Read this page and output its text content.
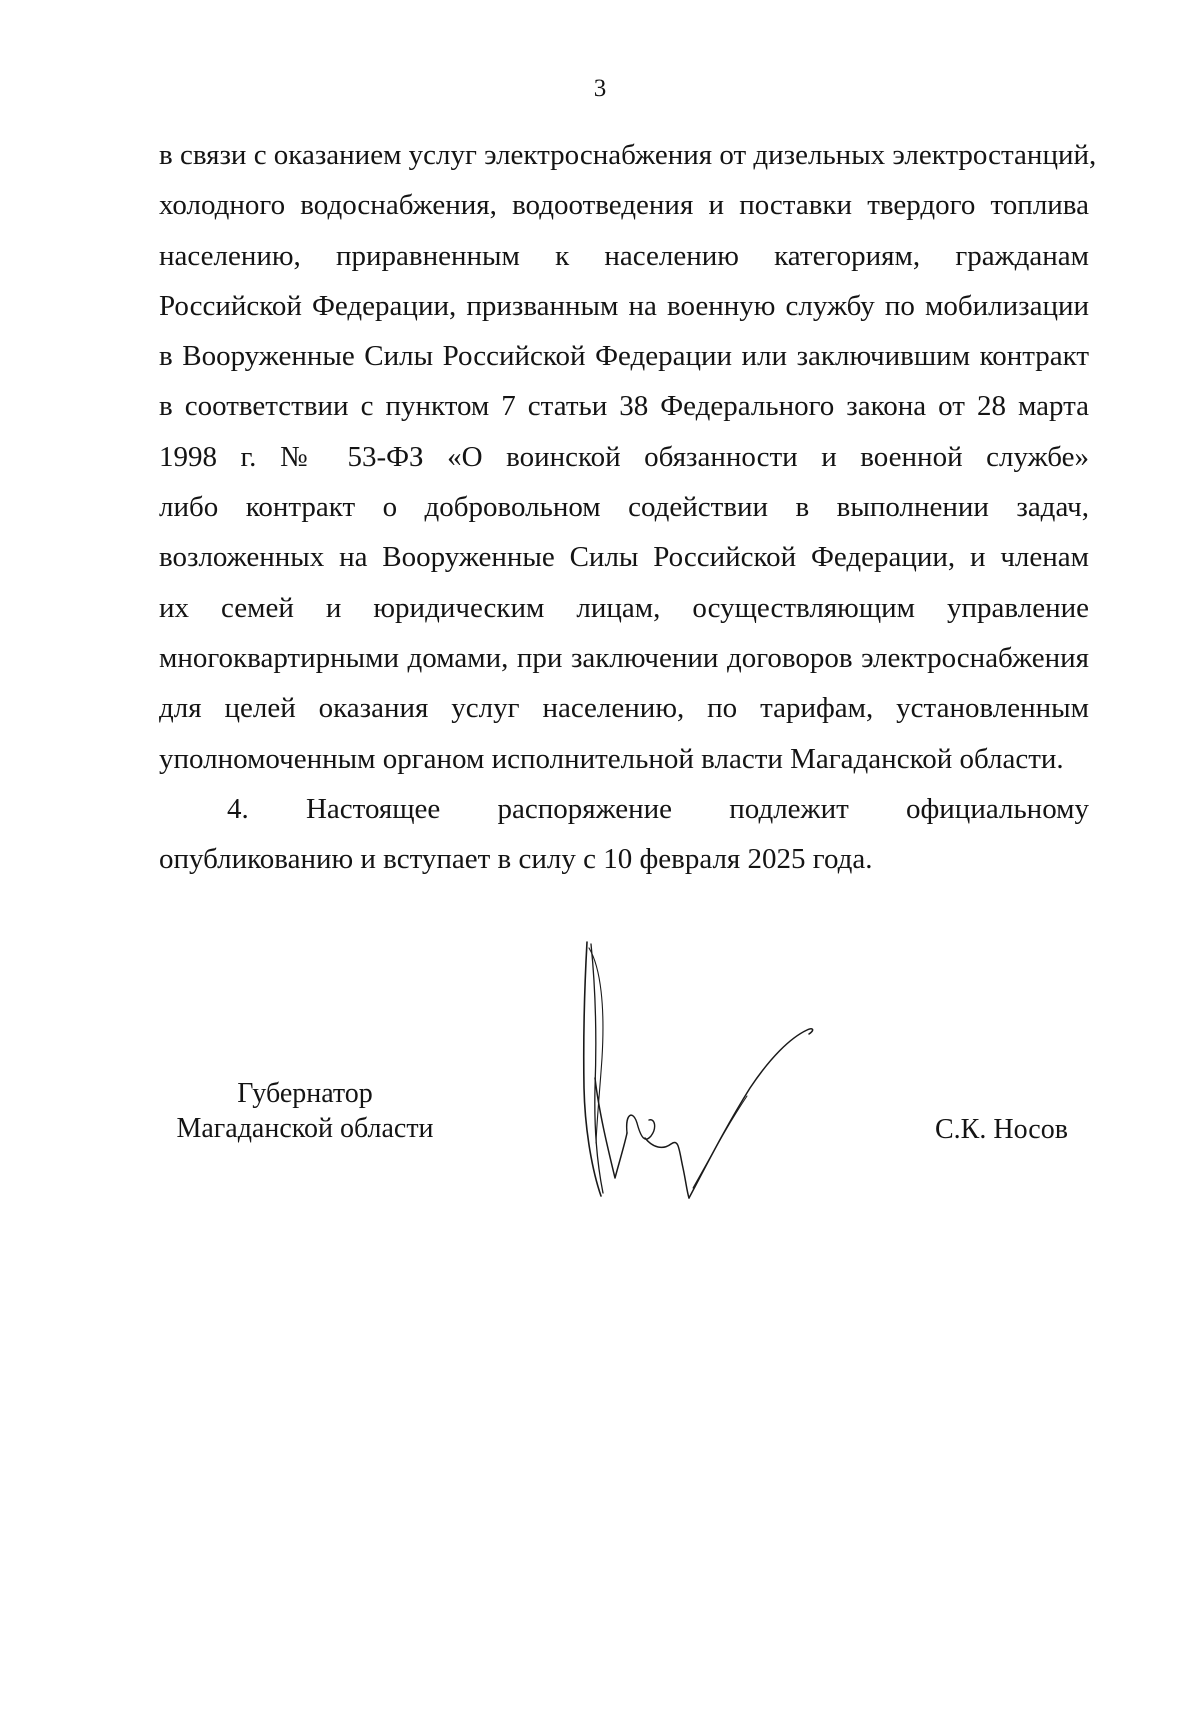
3
в связи с оказанием услуг электроснабжения от дизельных электростанций,
холодного водоснабжения, водоотведения и поставки твердого топлива
населению, приравненным к населению категориям, гражданам
Российской Федерации, призванным на военную службу по мобилизации
в Вооруженные Силы Российской Федерации или заключившим контракт
в соответствии с пунктом 7 статьи 38 Федерального закона от 28 марта
1998 г. № 53-ФЗ «О воинской обязанности и военной службе»
либо контракт о добровольном содействии в выполнении задач,
возложенных на Вооруженные Силы Российской Федерации, и членам
их семей и юридическим лицам, осуществляющим управление
многоквартирными домами, при заключении договоров электроснабжения
для целей оказания услуг населению, по тарифам, установленным
уполномоченным органом исполнительной власти Магаданской области.
4. Настоящее распоряжение подлежит официальному
опубликованию и вступает в силу с 10 февраля 2025 года.
Губернатор
Магаданской области	С.К. Носов
